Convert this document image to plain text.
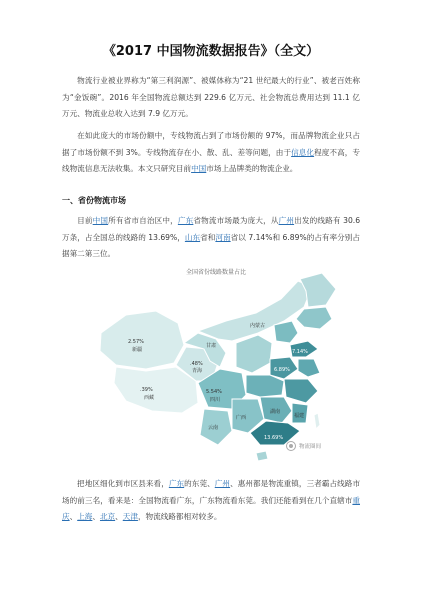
《2017 中国物流数据报告》（全文）

物流行业被业界称为“第三利润源”、被媒体称为“21 世纪最大的行业”、被老百姓称为“金饭碗”。2016 年全国物流总额达到 229.6 亿万元、社会物流总费用达到 11.1 亿万元、物流业总收入达到 7.9 亿万元。

在如此庞大的市场份额中，专线物流占到了市场份额的 97%，而品牌物流企业只占据了市场份额不到 3%。专线物流存在小、散、乱、差等问题，由于信息化程度不高，专线物流信息无法收集。本文只研究目前中国市场上品牌类的物流企业。

一、省份物流市场

目前中国所有省市自治区中，广东省物流市场最为庞大，从广州出发的线路有 30.6 万条，占全国总的线路的 13.69%，山东省和河南省以 7.14%和 6.89%的占有率分别占据第二第三位。

全国省份线路数量占比
2.57%
新疆
.39%
西藏
.48%
青海
甘肃
内蒙古
5.54%
四川
7.14%
6.89%
13.69%
湖南
广西
云南
福建
物流圈间

把地区细化到市区县来看，广东的东莞、广州、惠州都是物流重镇，三者霸占线路市场的前三名，看来是：全国物流看广东，广东物流看东莞。我们还能看到在几个直辖市重庆、上海、北京、天津，物流线路都相对较多。
